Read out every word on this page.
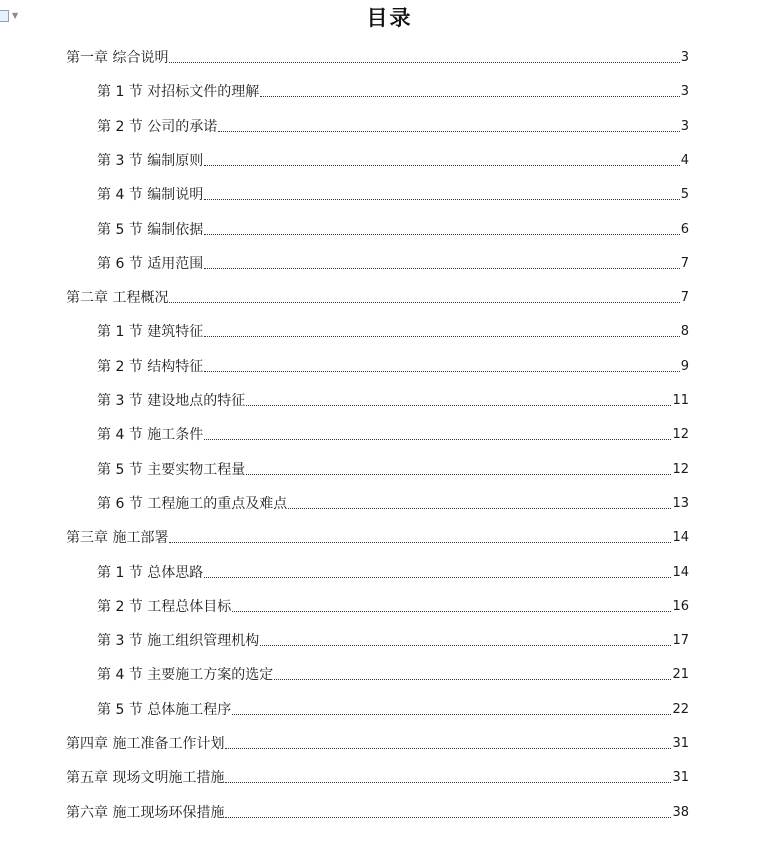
▼	目录
第一章 综合说明	3
第 1 节 对招标文件的理解	3
第 2 节 公司的承诺	3
第 3 节 编制原则	4
第 4 节 编制说明	5
第 5 节 编制依据	6
第 6 节 适用范围	7
第二章 工程概况	7
第 1 节 建筑特征	8
第 2 节 结构特征	9
第 3 节 建设地点的特征	11
第 4 节 施工条件	12
第 5 节 主要实物工程量	12
第 6 节 工程施工的重点及难点	13
第三章 施工部署	14
第 1 节 总体思路	14
第 2 节 工程总体目标	16
第 3 节 施工组织管理机构	17
第 4 节 主要施工方案的选定	21
第 5 节 总体施工程序	22
第四章 施工准备工作计划	31
第五章 现场文明施工措施	31
第六章 施工现场环保措施	38
